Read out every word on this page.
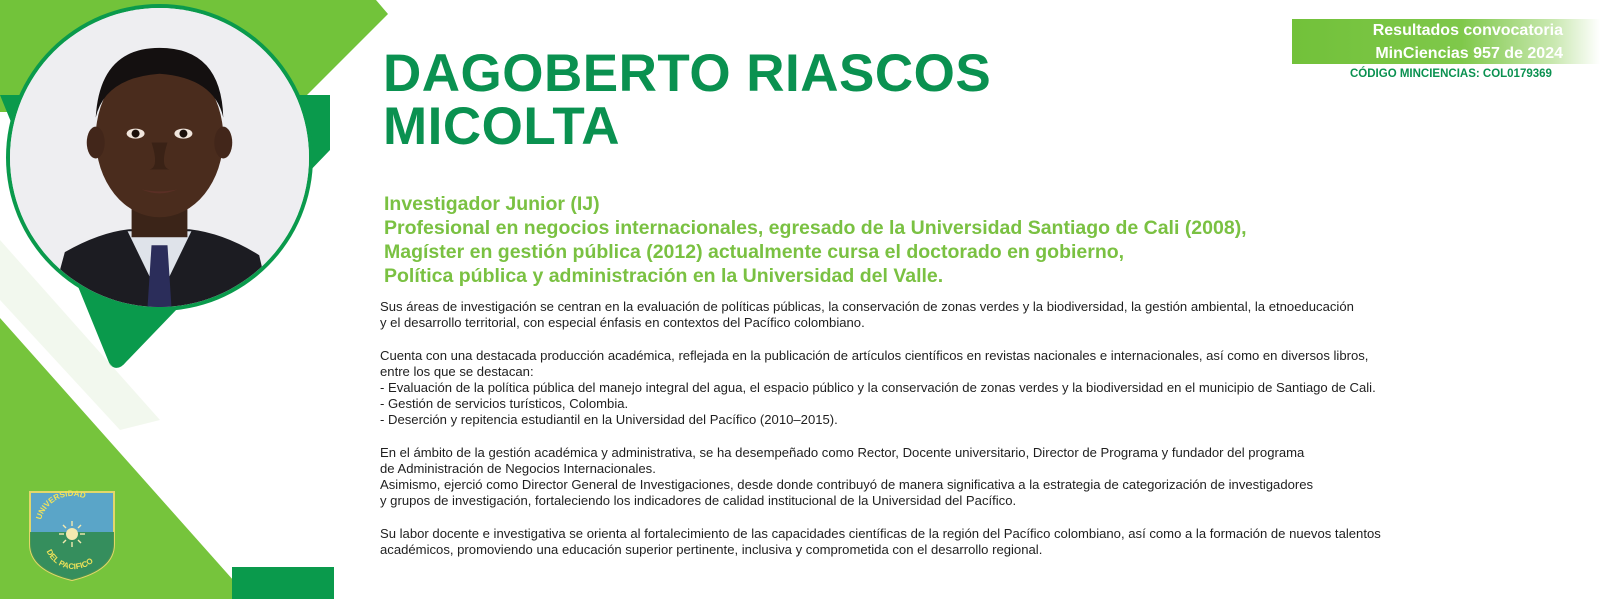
DAGOBERTO RIASCOS
MICOLTA
Investigador Junior (IJ)
Profesional en negocios internacionales, egresado de la Universidad Santiago de Cali (2008),
Magíster en gestión pública (2012) actualmente cursa el doctorado en gobierno,
Política pública y administración en la Universidad del Valle.
Resultados convocatoria
MinCiencias 957 de 2024
CÓDIGO MINCIENCIAS: COL0179369

Sus áreas de investigación se centran en la evaluación de políticas públicas, la conservación de zonas verdes y la biodiversidad, la gestión ambiental, la etnoeducación
y el desarrollo territorial, con especial énfasis en contextos del Pacífico colombiano.

Cuenta con una destacada producción académica, reflejada en la publicación de artículos científicos en revistas nacionales e internacionales, así como en diversos libros,
entre los que se destacan:
- Evaluación de la política pública del manejo integral del agua, el espacio público y la conservación de zonas verdes y la biodiversidad en el municipio de Santiago de Cali.
- Gestión de servicios turísticos, Colombia.
- Deserción y repitencia estudiantil en la Universidad del Pacífico (2010–2015).

En el ámbito de la gestión académica y administrativa, se ha desempeñado como Rector, Docente universitario, Director de Programa y fundador del programa
de Administración de Negocios Internacionales.
Asimismo, ejerció como Director General de Investigaciones, desde donde contribuyó de manera significativa a la estrategia de categorización de investigadores
y grupos de investigación, fortaleciendo los indicadores de calidad institucional de la Universidad del Pacífico.

Su labor docente e investigativa se orienta al fortalecimiento de las capacidades científicas de la región del Pacífico colombiano, así como a la formación de nuevos talentos
académicos, promoviendo una educación superior pertinente, inclusiva y comprometida con el desarrollo regional.

UNIVERSIDAD
DEL PACIFICO
